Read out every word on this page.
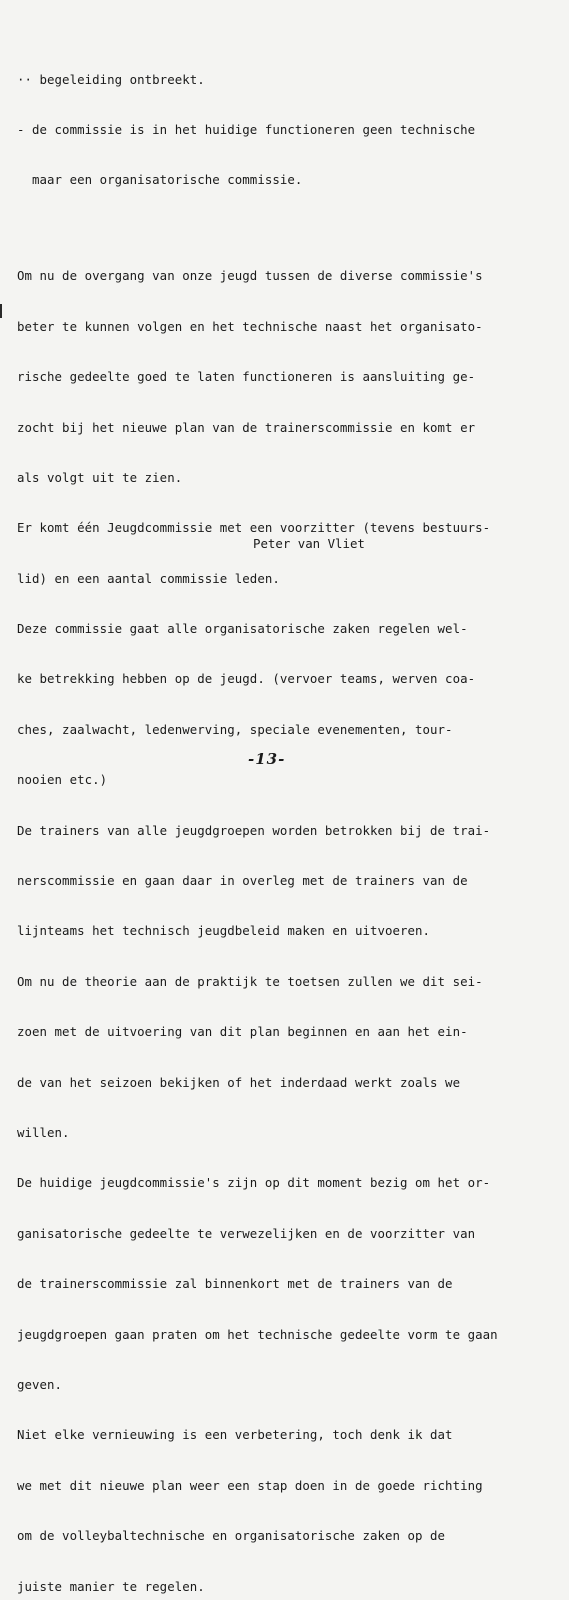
·· begeleiding ontbreekt.

- de commissie is in het huidige functioneren geen technische

maar een organisatorische commissie.

Om nu de overgang van onze jeugd tussen de diverse commissie's

beter te kunnen volgen en het technische naast het organisato-

rische gedeelte goed te laten functioneren is aansluiting ge-

zocht bij het nieuwe plan van de trainerscommissie en komt er

als volgt uit te zien.

Er komt één Jeugdcommissie met een voorzitter (tevens bestuurs-

lid) en een aantal commissie leden.

Deze commissie gaat alle organisatorische zaken regelen wel-

ke betrekking hebben op de jeugd. (vervoer teams, werven coa-

ches, zaalwacht, ledenwerving, speciale evenementen, tour-

nooien etc.)

De trainers van alle jeugdgroepen worden betrokken bij de trai-

nerscommissie en gaan daar in overleg met de trainers van de

lijnteams het technisch jeugdbeleid maken en uitvoeren.

Om nu de theorie aan de praktijk te toetsen zullen we dit sei-

zoen met de uitvoering van dit plan beginnen en aan het ein-

de van het seizoen bekijken of het inderdaad werkt zoals we

willen.

De huidige jeugdcommissie's zijn op dit moment bezig om het or-

ganisatorische gedeelte te verwezelijken en de voorzitter van

de trainerscommissie zal binnenkort met de trainers van de

jeugdgroepen gaan praten om het technische gedeelte vorm te gaan

geven.

Niet elke vernieuwing is een verbetering, toch denk ik dat

we met dit nieuwe plan weer een stap doen in de goede richting

om de volleybaltechnische en organisatorische zaken op de

juiste manier te regelen.

Peter van Vliet
-13-
